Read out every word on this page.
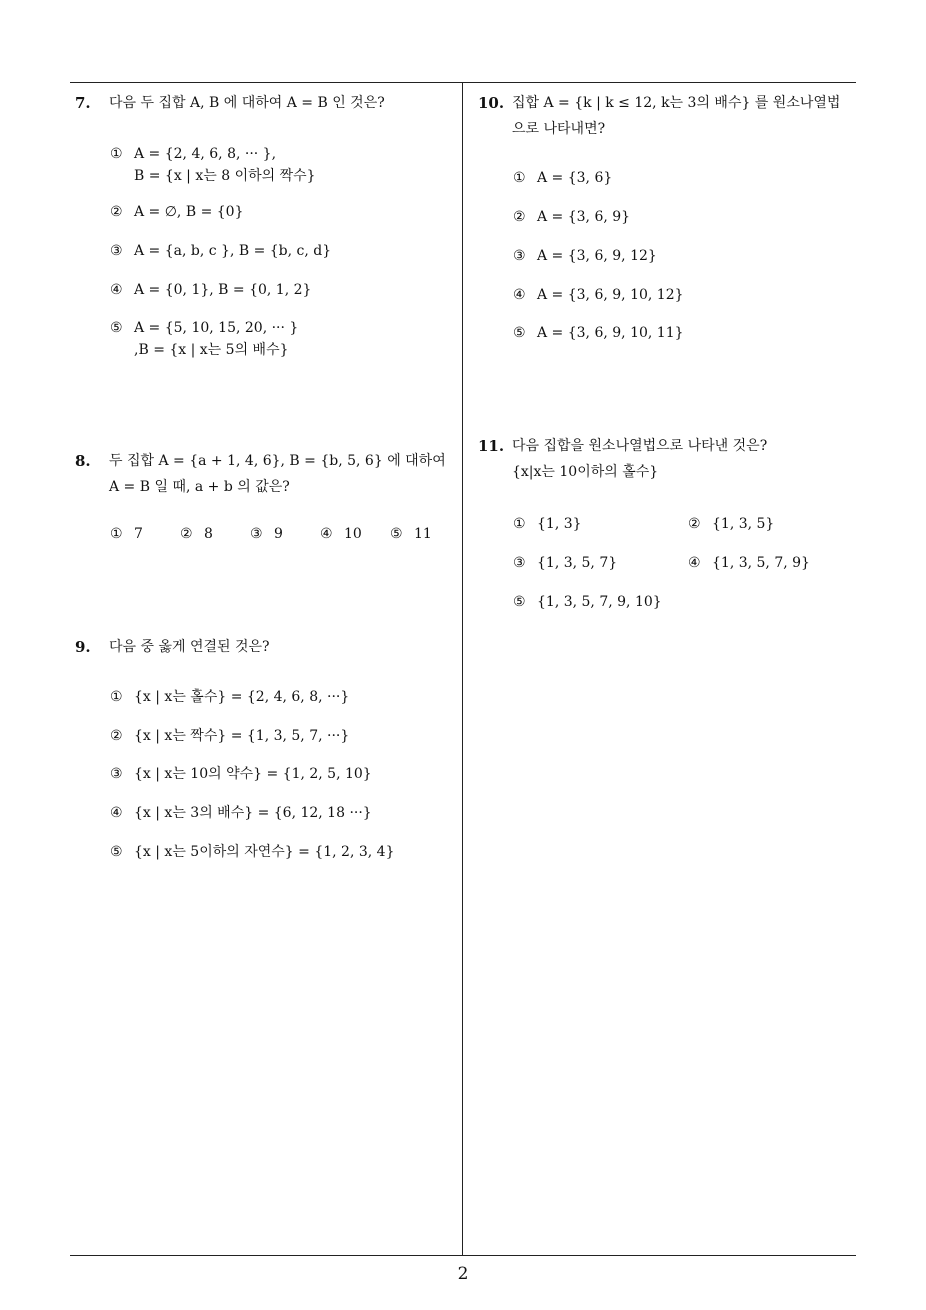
7.	다음 두 집합 A, B 에 대하여 A = B 인 것은?
① A = {2, 4, 6, 8, ··· },
B = {x | x는 8 이하의 짝수}
② A = ∅, B = {0}
③ A = {a, b, c }, B = {b, c, d}
④ A = {0, 1}, B = {0, 1, 2}
⑤ A = {5, 10, 15, 20, ··· }
,B = {x | x는 5의 배수}
8.	두 집합 A = {a + 1, 4, 6}, B = {b, 5, 6} 에 대하여
A = B 일 때, a + b 의 값은?
① 7	② 8	③ 9	④ 10 ⑤ 11
9.	다음 중 옳게 연결된 것은?
① {x | x는 홀수} = {2, 4, 6, 8, ···}
② {x | x는 짝수} = {1, 3, 5, 7, ···}
③ {x | x는 10의 약수} = {1, 2, 5, 10}
④ {x | x는 3의 배수} = {6, 12, 18 ···}
⑤ {x | x는 5이하의 자연수} = {1, 2, 3, 4}
10. 집합 A = {k | k ≤ 12, k는 3의 배수} 를 원소나열법
으로 나타내면?
① A = {3, 6}
② A = {3, 6, 9}
③ A = {3, 6, 9, 12}
④ A = {3, 6, 9, 10, 12}
⑤ A = {3, 6, 9, 10, 11}
11. 다음 집합을 원소나열법으로 나타낸 것은?
{x|x는 10이하의 홀수}
① {1, 3}	② {1, 3, 5}
③ {1, 3, 5, 7}	④ {1, 3, 5, 7, 9}
⑤ {1, 3, 5, 7, 9, 10}
2
